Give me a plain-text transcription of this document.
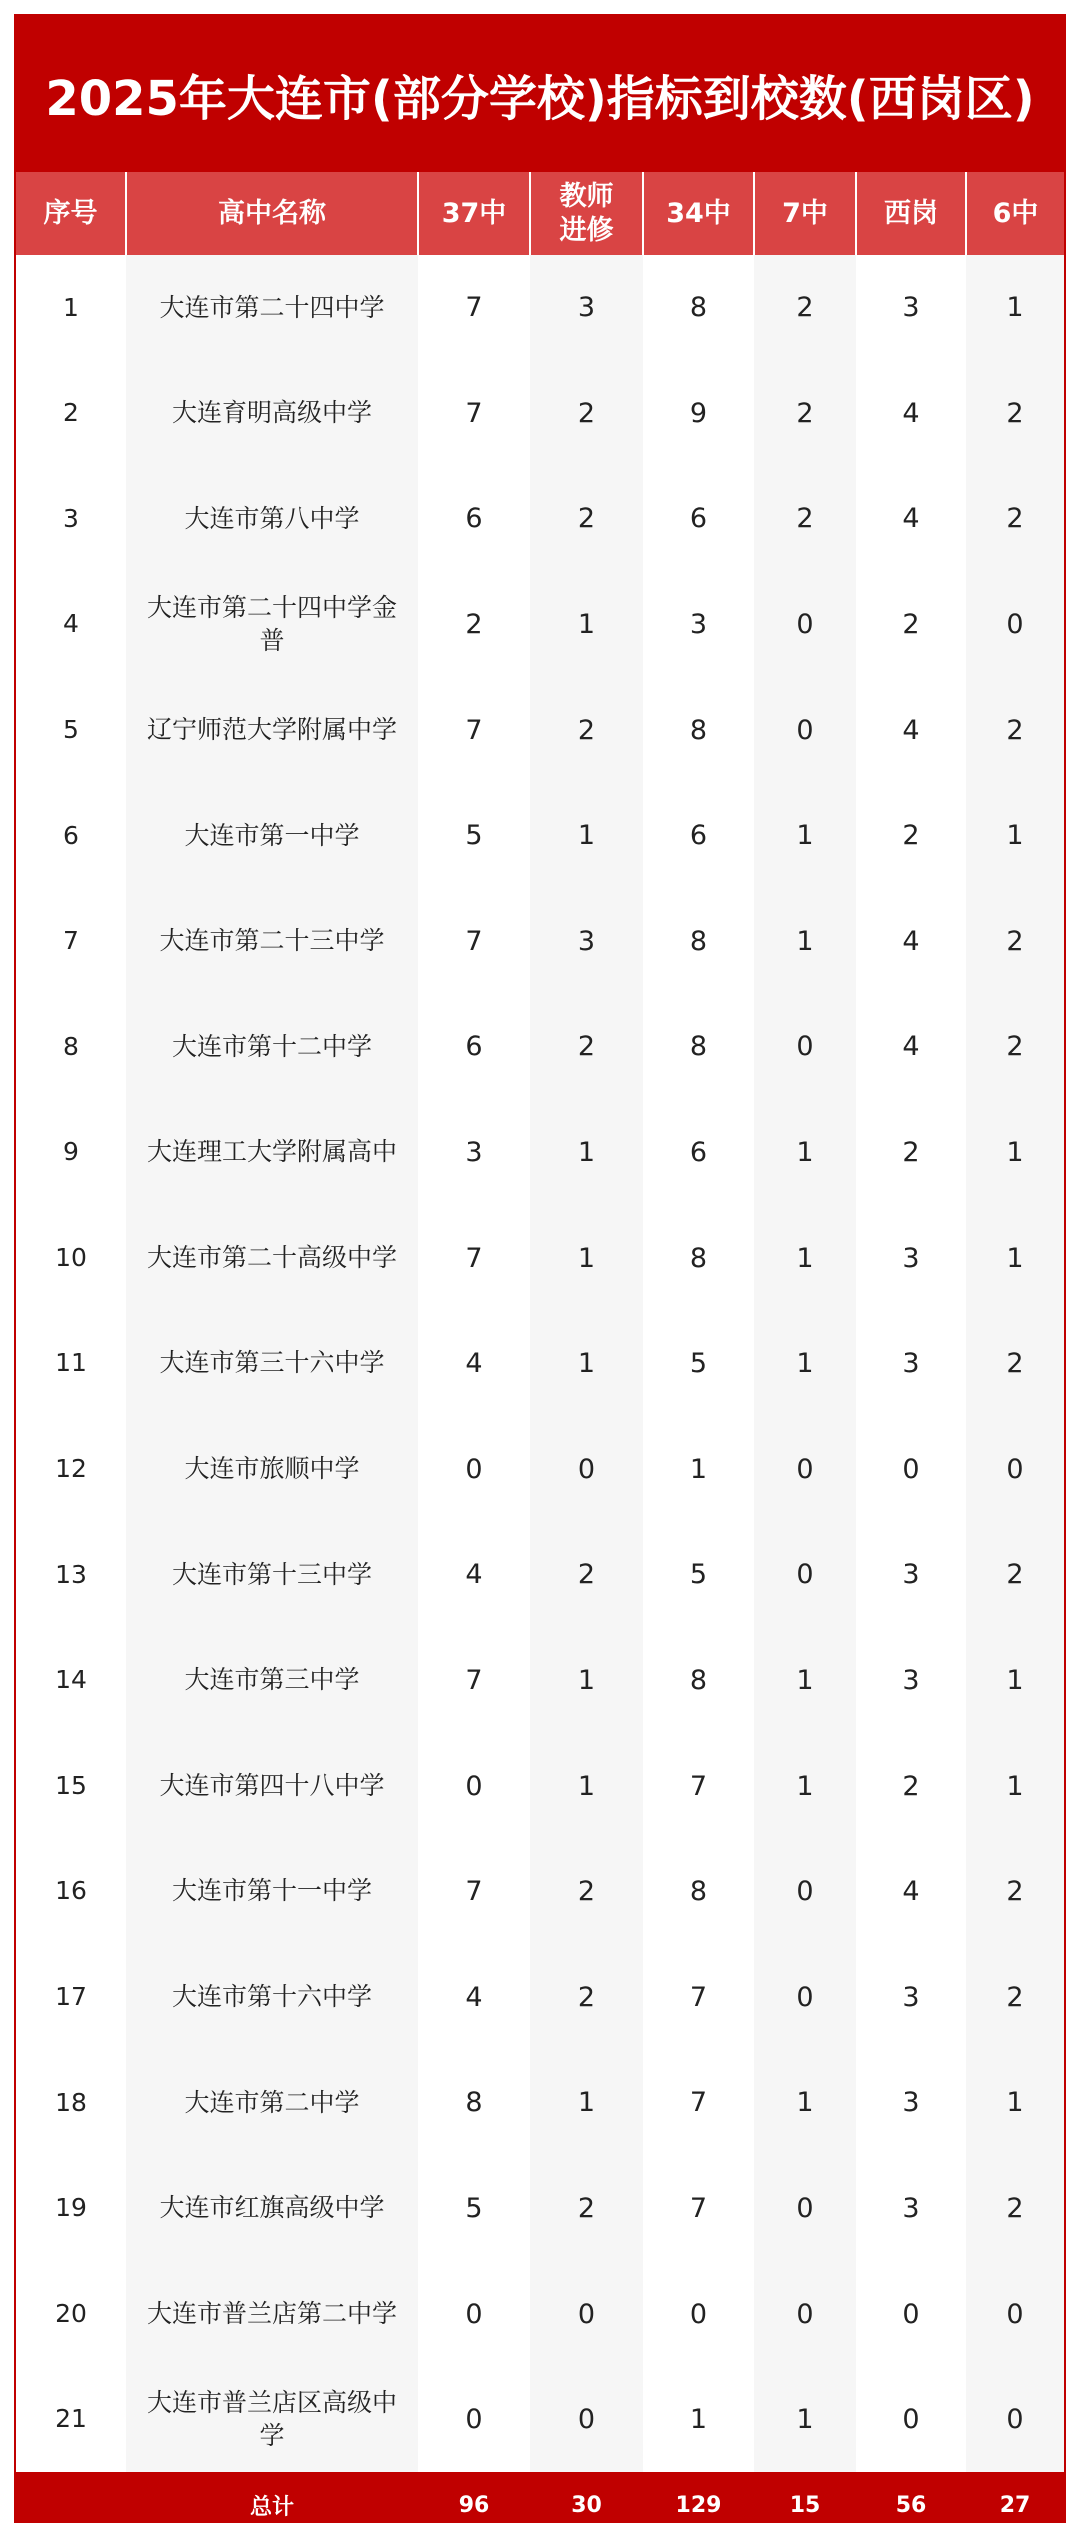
2025年大连市(部分学校)指标到校数(西岗区)
序号	高中名称	37中	教师进修	34中	7中	西岗	6中
1	大连市第二十四中学	7	3	8	2	3	1
2	大连育明高级中学	7	2	9	2	4	2
3	大连市第八中学	6	2	6	2	4	2
4	大连市第二十四中学金普	2	1	3	0	2	0
5	辽宁师范大学附属中学	7	2	8	0	4	2
6	大连市第一中学	5	1	6	1	2	1
7	大连市第二十三中学	7	3	8	1	4	2
8	大连市第十二中学	6	2	8	0	4	2
9	大连理工大学附属高中	3	1	6	1	2	1
10	大连市第二十高级中学	7	1	8	1	3	1
11	大连市第三十六中学	4	1	5	1	3	2
12	大连市旅顺中学	0	0	1	0	0	0
13	大连市第十三中学	4	2	5	0	3	2
14	大连市第三中学	7	1	8	1	3	1
15	大连市第四十八中学	0	1	7	1	2	1
16	大连市第十一中学	7	2	8	0	4	2
17	大连市第十六中学	4	2	7	0	3	2
18	大连市第二中学	8	1	7	1	3	1
19	大连市红旗高级中学	5	2	7	0	3	2
20	大连市普兰店第二中学	0	0	0	0	0	0
21	大连市普兰店区高级中学	0	0	1	1	0	0
	总计	96	30	129	15	56	27
